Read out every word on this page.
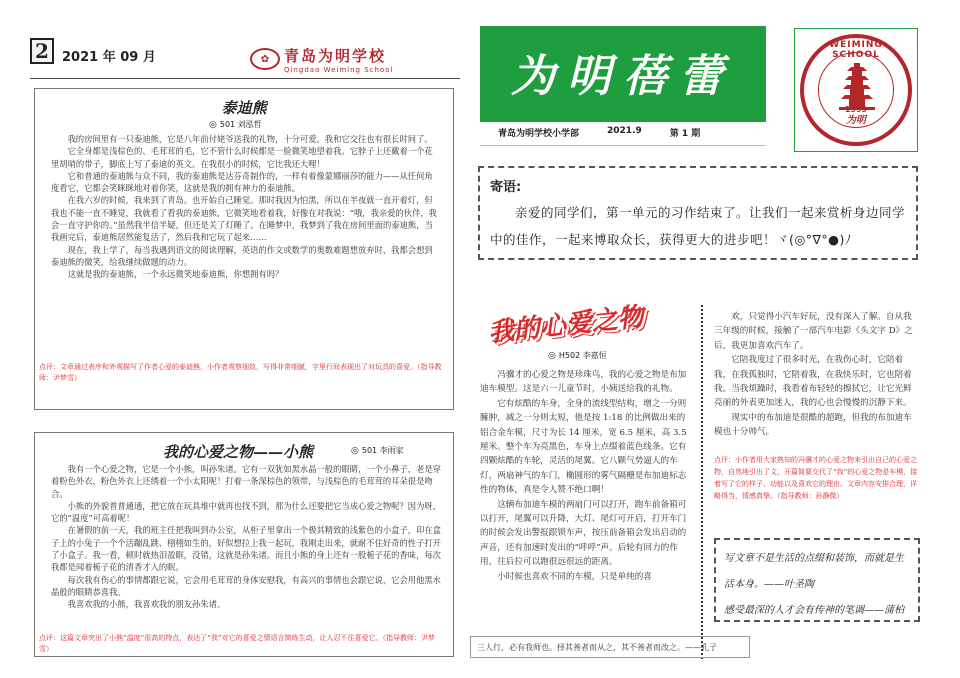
2	2021 年 09 月	✿ 青岛为明学校
Qingdao Weiming School
泰迪熊
◎ 501 刘泓哲

我的房间里有一只泰迪熊，它是八年前付姥爷送我的礼物，十分可爱。我和它交往也有很长时间了。

它全身都是浅棕色的、毛茸茸的毛，它不管什么时候都是一脸微笑地望着我。它脖子上还戴着一个花里胡哨的带子，脚底上写了泰迪的英文。在我很小的时候，它比我还大哩！

它和普通的泰迪熊与众不同，我的泰迪熊是达芬奇制作的，一样有着像蒙娜丽莎的能力——从任何角度看它，它都会笑眯眯地对着你笑，这就是我的拥有神力的泰迪熊。

在我六岁的时候，我来到了青岛。也开始自己睡觉。那时我因为怕黑，所以在半夜就一直开着灯，但我也不能一直不睡觉，我就看了看我的泰迪熊，它微笑地看着我，好像在对我说：“哦，我亲爱的伙伴，我会一直守护你的。”虽然我半信半疑，但还是关了灯睡了。在睡梦中，我梦到了我在房间里面的泰迪熊，当我画完后，泰迪熊居然能复活了，然后我和它玩了起来……

现在，我上学了，每当我遇到语文的阅读理解，英语的作文或数学的奥数难题想放弃时，我都会想到泰迪熊的微笑，给我继续做题的动力。

这就是我的泰迪熊，一个永远微笑地泰迪熊，你想拥有吗？

点评：文章通过表序和外观描写了作者心爱的泰迪熊，小作者观察细致，写得非常细腻，字里行间表现出了对玩具的喜爱。（指导教师：尹梦雪）
我的心爱之物——小熊	◎ 501 李雨家

我有一个心爱之物，它是一个小熊，叫孙朱诸。它有一双犹如黑水晶一般的眼睛，一个小鼻子，老是穿着粉色外衣，粉色外衣上还绣着一个小太阳呢！打着一条深棕色的领带，与浅棕色的毛茸茸的耳朵很是吻合。

小熊的外貌普普通通，把它放在玩具堆中就再也找不到，那为什么还要把它当成心爱之物呢？因为呀，它的“温度”可高着呢！

在暑假的前一天，我的班主任把我叫到办公室，从柜子里拿出一个极其精致的浅紫色的小盒子，印在盒子上的小兔子一个个活蹦乱跳、栩栩如生的，好似想拉上我一起玩，我刚走出来，就耐不住好奇的性子打开了小盒子。我一看，顿时就热泪盈眶，没错，这就是孙朱诸。而且小熊的身上还有一股栀子花的香味，每次我都是闻着栀子花的清香才入的眠。

每次我有伤心的事情都跟它说，它会用毛茸茸的身体安慰我，有高兴的事情也会跟它说，它会用他黑水晶般的眼睛恭喜我。

我喜欢我的小熊，我喜欢我的朋友孙朱诸。

点评：这篇文章突出了小熊“温度”很高的特点，表达了“我”对它的喜爱之情语言简练生动，让人忍不住喜爱它。（指导教师：尹梦雪）
为明蓓蕾
青岛为明学校小学部	2021.9	第 1 期
WEIMING SCHOOL
1999
为明
寄语:
亲爱的同学们，第一单元的习作结束了。让我们一起来赏析身边同学中的佳作，一起来博取众长，获得更大的进步吧！ヾ(◎°∇°●)ﾉ
我的心爱之物
◎ H502 李嘉恒

冯骥才的心爱之物是珍珠鸟，我的心爱之物是布加迪车模型。这是六一儿童节时，小姨送给我的礼物。

它有炫酷的车身，全身的流线型结构，增之一分则臃肿，减之一分则太短，他是按 1:18 的比例做出来的铝合金车模，尺寸为长 14 厘米，宽 6.5 厘米，高 3.5 厘米。整个车为亮黑色，车身上点缀着蓝色线条。它有四颗炫酷的车轮，灵活的尾翼。它八颗气势逼人的车灯，两扇神气的车门，椭圆形的雾气隔栅是布加迪标志性的物体，真是令人赞不绝口啊！

这辆布加迪车模的两扇门可以打开，跑车前备箱可以打开，尾翼可以升降，大灯、尾灯可开启，打开车门的时候会发出警报跟锁车声，按压前备箱会发出启动的声音，还有加速时发出的“呼呼”声。后轮有回力的作用，往后拉可以跑很远很远的距离。

小时候也喜欢不同的车模，只是单纯的喜

欢，只觉得小汽车好玩，没有深入了解。自从我三年级的时候，接触了一部汽车电影《头文字 D》之后，我更加喜欢汽车了。

它陪我度过了很多时光，在我伤心时，它陪着我，在我孤独时，它陪着我，在我快乐时，它也陪着我。当我烦躁时，我看着布轻轻的擦拭它，让它光鲜亮丽的外表更加迷人，我的心也会慢慢的沉静下来。

现实中的布加迪是很酷的超跑，但我的布加迪车模也十分帅气。

点评：小作者用大家熟知的冯骥才的心爱之物来引出自己的心爱之物，自然地引出了文，开篇简要交代了“我”的心爱之物是车模，接着写了它的样子、功能以及喜欢它的理由。文章内容安排合理，详略得当，情感真挚。（指导教师：孙静微）
写文章不是生活的点缀和装饰，而就是生活本身。——叶圣陶
感受最深的人才会有传神的笔调——蒲柏
三人行，必有我师也。择其善者而从之，其不善者而改之。——孔子
